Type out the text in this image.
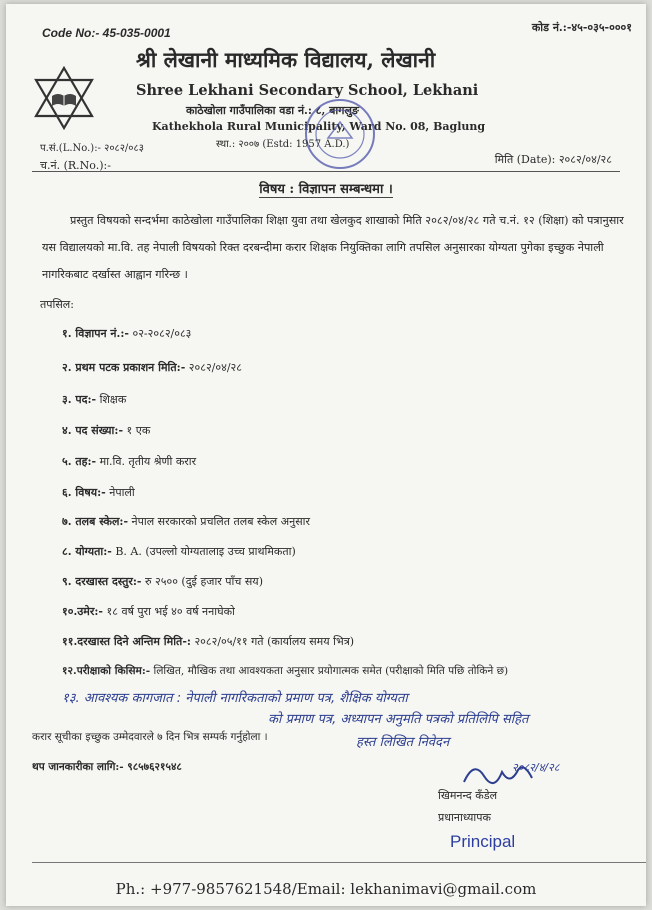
Code No:- 45-035-0001	कोड नं.:-४५-०३५-०००१
श्री लेखानी माध्यमिक विद्यालय, लेखानी
Shree Lekhani Secondary School, Lekhani
काठेखोला गाउँपालिका वडा नं.: ८, बागलुङ
Kathekhola Rural Municipality, Ward No. 08, Baglung
प.सं.(L.No.):- २०८२/०८३	स्था.: २००७ (Estd: 1957 A.D.)
च.नं. (R.No.):-	मिति (Date): २०८२/०४/२८
विषय : विज्ञापन सम्बन्धमा ।
प्रस्तुत विषयको सन्दर्भमा काठेखोला गाउँपालिका शिक्षा युवा तथा खेलकुद शाखाको मिति २०८२/०४/२८ गते च.नं. १२ (शिक्षा) को पत्रानुसार यस विद्यालयको मा.वि. तह नेपाली विषयको रिक्त दरबन्दीमा करार शिक्षक नियुक्तिका लागि तपसिल अनुसारका योग्यता पुगेका इच्छुक नेपाली नागरिकबाट दर्खास्त आह्वान गरिन्छ ।
तपसिल:
१. विज्ञापन नं.:- ०२-२०८२/०८३
२. प्रथम पटक प्रकाशन मिति:- २०८२/०४/२८
३. पद:- शिक्षक
४. पद संख्या:- १ एक
५. तह:- मा.वि. तृतीय श्रेणी करार
६. विषय:- नेपाली
७. तलब स्केल:- नेपाल सरकारको प्रचलित तलब स्केल अनुसार
८. योग्यता:- B. A. (उपल्लो योग्यतालाइ उच्च प्राथमिकता)
९. दरखास्त दस्तुर:- रु २५०० (दुई हजार पाँच सय)
१०.उमेर:- १८ वर्ष पुरा भई ४० वर्ष ननाघेको
११.दरखास्त दिने अन्तिम मिति-: २०८२/०५/११ गते (कार्यालय समय भित्र)
१२.परीक्षाको किसिम:- लिखित, मौखिक तथा आवश्यकता अनुसार प्रयोगात्मक समेत (परीक्षाको मिति पछि तोकिने छ)
१३. आवश्यक कागजात : नेपाली नागरिकताको प्रमाण पत्र, शैक्षिक योग्यता
को प्रमाण पत्र, अध्यापन अनुमति पत्रको प्रतिलिपि सहित
करार सूचीका इच्छुक उम्मेदवारले ७ दिन भित्र सम्पर्क गर्नुहोला ।	हस्त लिखित निवेदन
थप जानकारीका लागि:- ९८५७६२१५४८	२०८२/४/२८
खिमनन्द कँडेल
प्रधानाध्यापक
Principal
Ph.: +977-9857621548/Email: lekhanimavi@gmail.com
